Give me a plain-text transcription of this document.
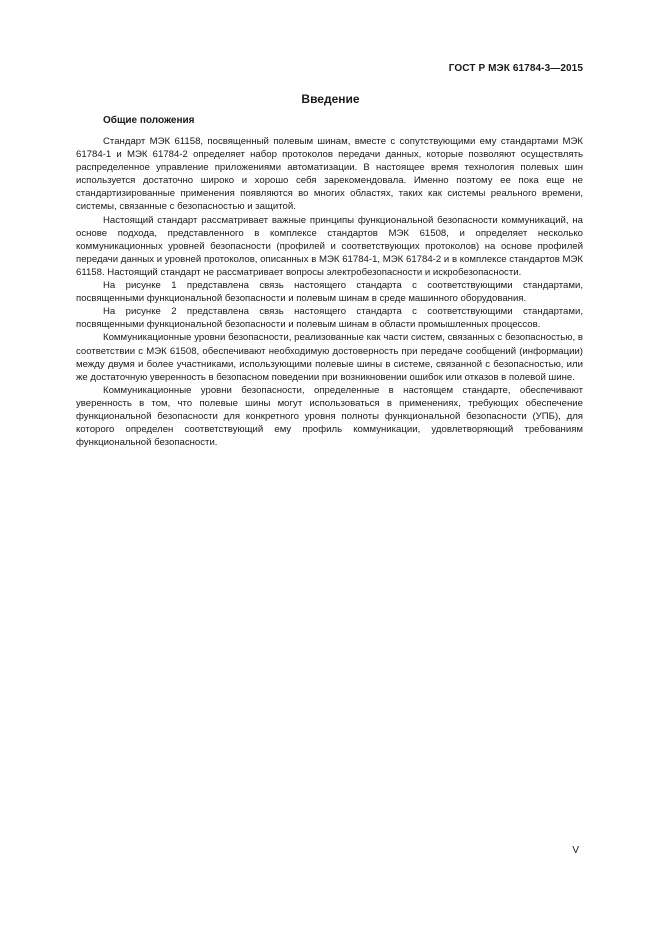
ГОСТ Р МЭК 61784-3—2015
Введение
Общие положения

Стандарт МЭК 61158, посвященный полевым шинам, вместе с сопутствующими ему стандартами МЭК 61784-1 и МЭК 61784-2 определяет набор протоколов передачи данных, которые позволяют осуществлять распределенное управление приложениями автоматизации. В настоящее время технология полевых шин используется достаточно широко и хорошо себя зарекомендовала. Именно поэтому ее пока еще не стандартизированные применения появляются во многих областях, таких как системы реального времени, системы, связанные с безопасностью и защитой.

Настоящий стандарт рассматривает важные принципы функциональной безопасности коммуникаций, на основе подхода, представленного в комплексе стандартов МЭК 61508, и определяет несколько коммуникационных уровней безопасности (профилей и соответствующих протоколов) на основе профилей передачи данных и уровней протоколов, описанных в МЭК 61784-1, МЭК 61784-2 и в комплексе стандартов МЭК 61158. Настоящий стандарт не рассматривает вопросы электробезопасности и искробезопасности.

На рисунке 1 представлена связь настоящего стандарта с соответствующими стандартами, посвященными функциональной безопасности и полевым шинам в среде машинного оборудования.

На рисунке 2 представлена связь настоящего стандарта с соответствующими стандартами, посвященными функциональной безопасности и полевым шинам в области промышленных процессов.

Коммуникационные уровни безопасности, реализованные как части систем, связанных с безопасностью, в соответствии с МЭК 61508, обеспечивают необходимую достоверность при передаче сообщений (информации) между двумя и более участниками, использующими полевые шины в системе, связанной с безопасностью, или же достаточную уверенность в безопасном поведении при возникновении ошибок или отказов в полевой шине.

Коммуникационные уровни безопасности, определенные в настоящем стандарте, обеспечивают уверенность в том, что полевые шины могут использоваться в применениях, требующих обеспечение функциональной безопасности для конкретного уровня полноты функциональной безопасности (УПБ), для которого определен соответствующий ему профиль коммуникации, удовлетворяющий требованиям функциональной безопасности.

V
